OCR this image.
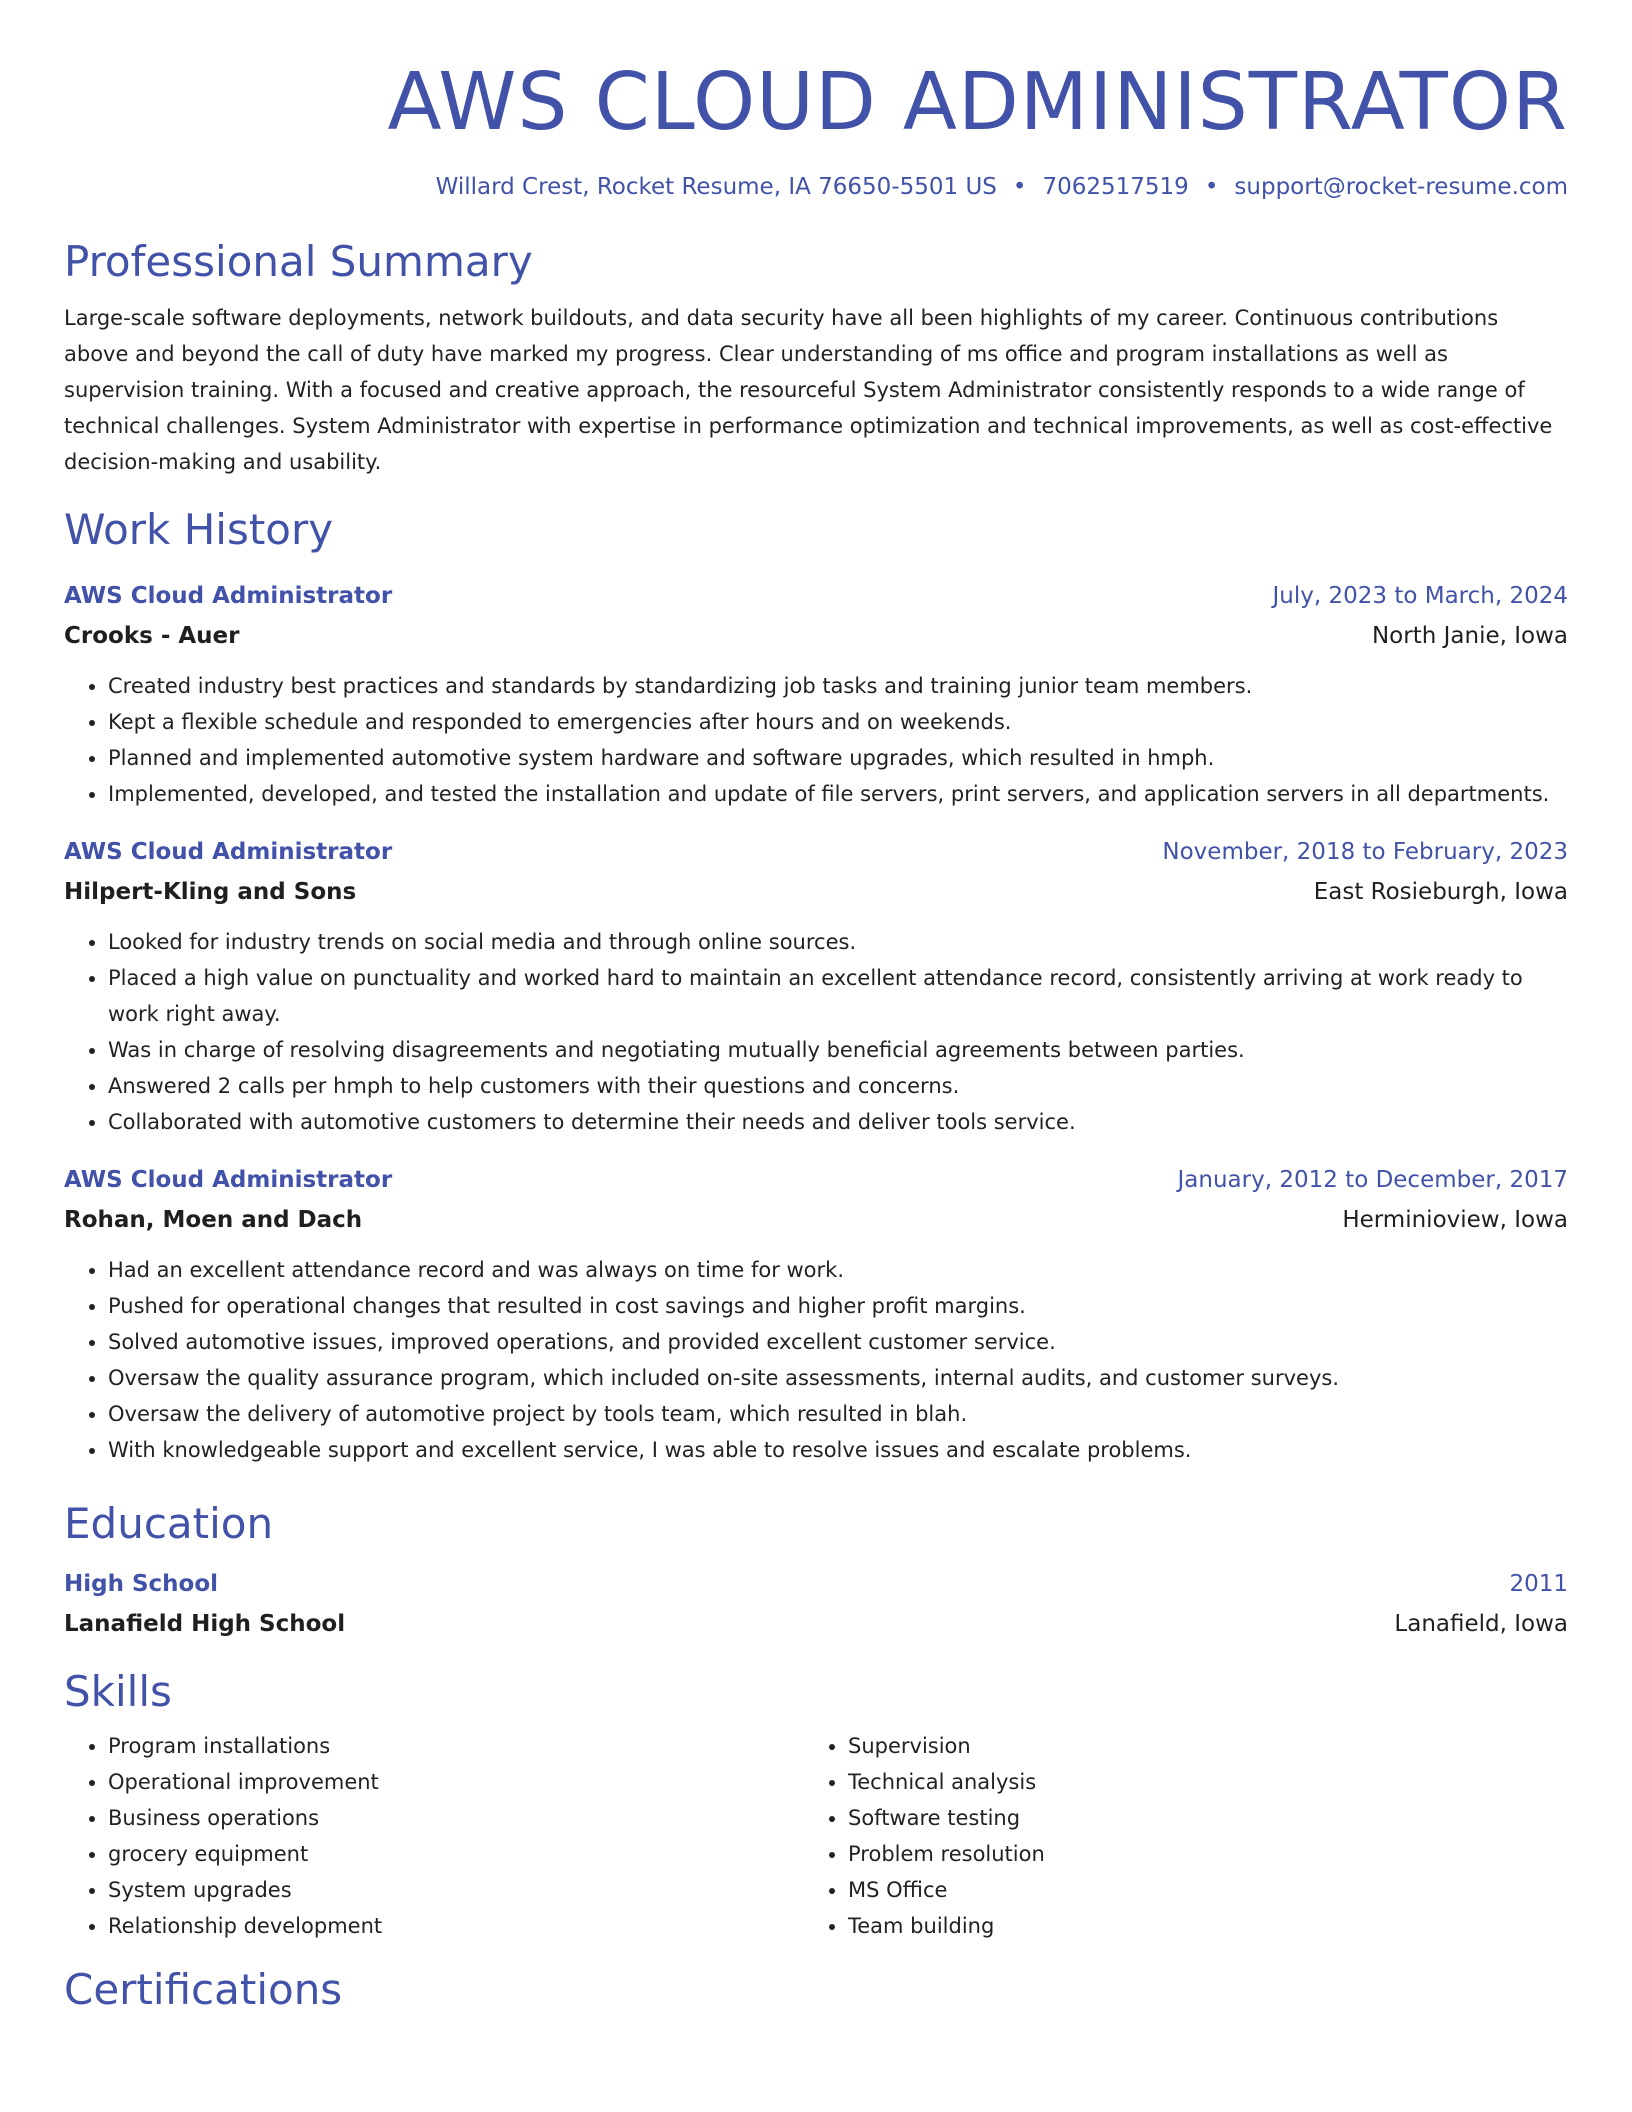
AWS CLOUD ADMINISTRATOR
Willard Crest, Rocket Resume, IA 76650-5501 US • 7062517519 • support@rocket-resume.com
Professional Summary
Large-scale software deployments, network buildouts, and data security have all been highlights of my career. Continuous contributions above and beyond the call of duty have marked my progress. Clear understanding of ms office and program installations as well as supervision training. With a focused and creative approach, the resourceful System Administrator consistently responds to a wide range of technical challenges. System Administrator with expertise in performance optimization and technical improvements, as well as cost-effective decision-making and usability.
Work History
AWS Cloud Administrator	July, 2023 to March, 2024
Crooks - Auer	North Janie, Iowa
• Created industry best practices and standards by standardizing job tasks and training junior team members.
• Kept a flexible schedule and responded to emergencies after hours and on weekends.
• Planned and implemented automotive system hardware and software upgrades, which resulted in hmph.
• Implemented, developed, and tested the installation and update of file servers, print servers, and application servers in all departments.
AWS Cloud Administrator	November, 2018 to February, 2023
Hilpert-Kling and Sons	East Rosieburgh, Iowa
• Looked for industry trends on social media and through online sources.
• Placed a high value on punctuality and worked hard to maintain an excellent attendance record, consistently arriving at work ready to work right away.
• Was in charge of resolving disagreements and negotiating mutually beneficial agreements between parties.
• Answered 2 calls per hmph to help customers with their questions and concerns.
• Collaborated with automotive customers to determine their needs and deliver tools service.
AWS Cloud Administrator	January, 2012 to December, 2017
Rohan, Moen and Dach	Herminioview, Iowa
• Had an excellent attendance record and was always on time for work.
• Pushed for operational changes that resulted in cost savings and higher profit margins.
• Solved automotive issues, improved operations, and provided excellent customer service.
• Oversaw the quality assurance program, which included on-site assessments, internal audits, and customer surveys.
• Oversaw the delivery of automotive project by tools team, which resulted in blah.
• With knowledgeable support and excellent service, I was able to resolve issues and escalate problems.
Education
High School	2011
Lanafield High School	Lanafield, Iowa
Skills
• Program installations
• Operational improvement
• Business operations
• grocery equipment
• System upgrades
• Relationship development
• Supervision
• Technical analysis
• Software testing
• Problem resolution
• MS Office
• Team building
Certifications
